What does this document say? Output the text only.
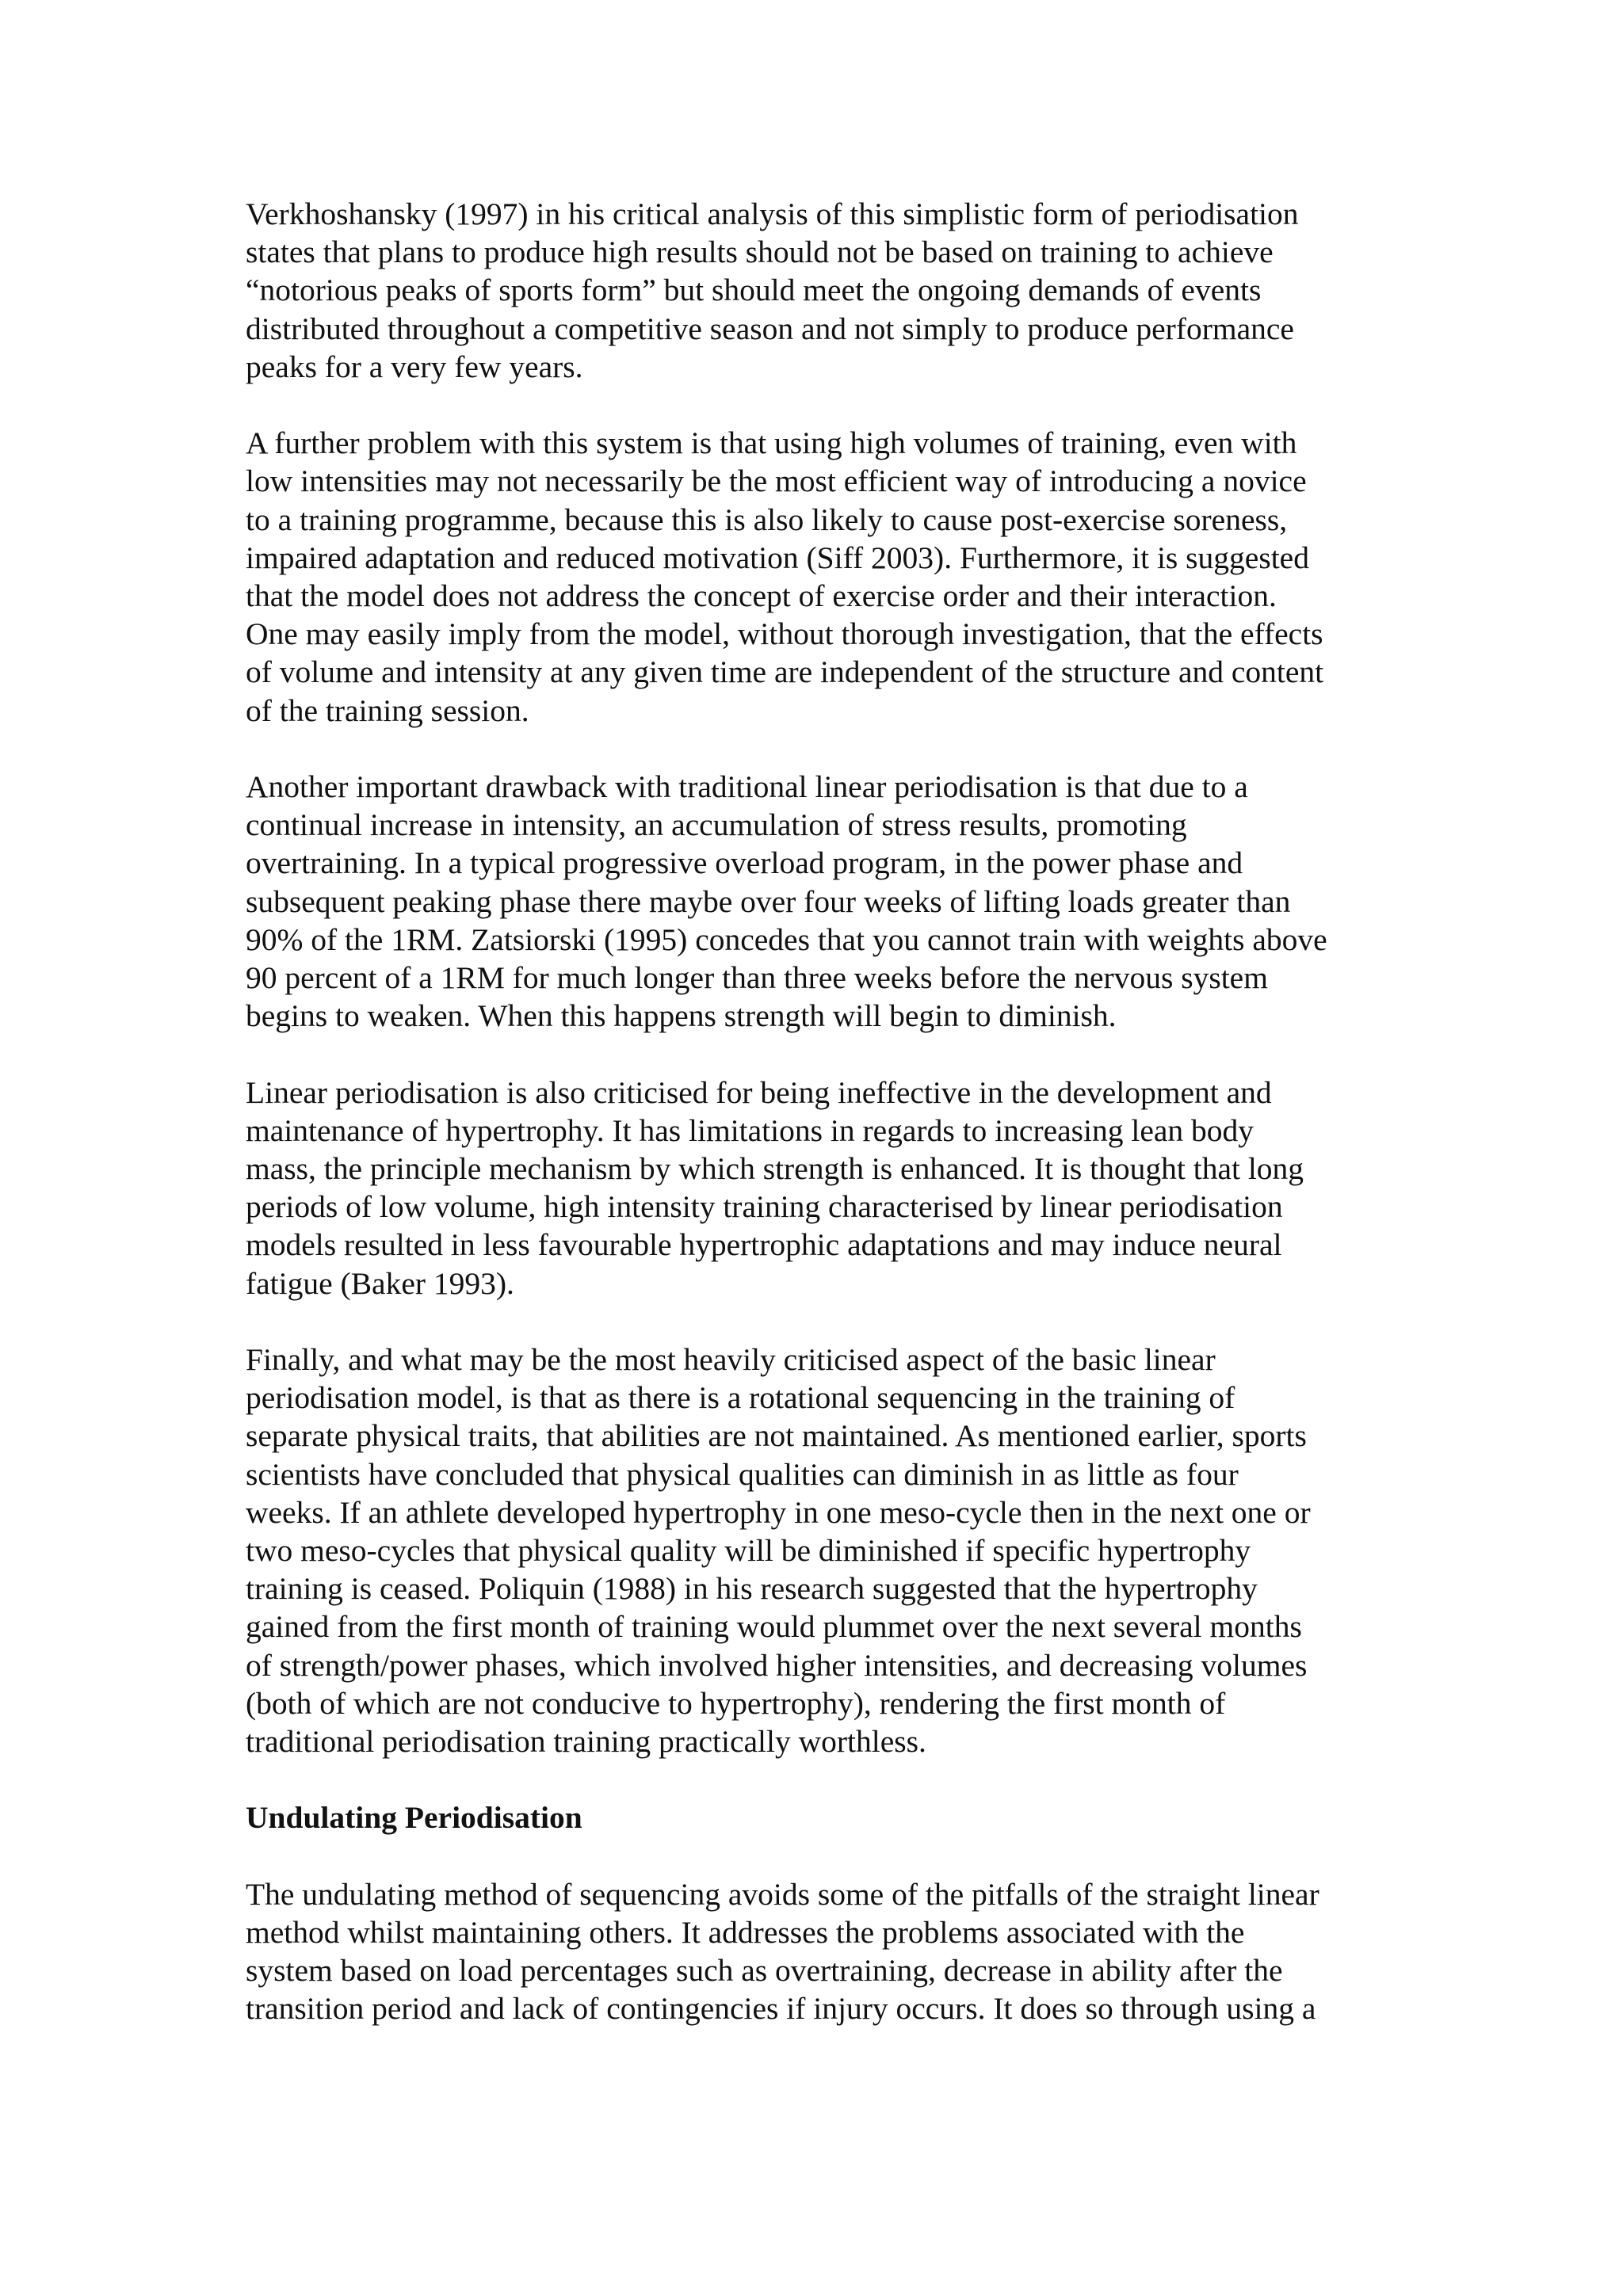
Verkhoshansky (1997) in his critical analysis of this simplistic form of periodisation
states that plans to produce high results should not be based on training to achieve
“notorious peaks of sports form” but should meet the ongoing demands of events
distributed throughout a competitive season and not simply to produce performance
peaks for a very few years.
A further problem with this system is that using high volumes of training, even with
low intensities may not necessarily be the most efficient way of introducing a novice
to a training programme, because this is also likely to cause post-exercise soreness,
impaired adaptation and reduced motivation (Siff 2003). Furthermore, it is suggested
that the model does not address the concept of exercise order and their interaction.
One may easily imply from the model, without thorough investigation, that the effects
of volume and intensity at any given time are independent of the structure and content
of the training session.
Another important drawback with traditional linear periodisation is that due to a
continual increase in intensity, an accumulation of stress results, promoting
overtraining. In a typical progressive overload program, in the power phase and
subsequent peaking phase there maybe over four weeks of lifting loads greater than
90% of the 1RM. Zatsiorski (1995) concedes that you cannot train with weights above
90 percent of a 1RM for much longer than three weeks before the nervous system
begins to weaken. When this happens strength will begin to diminish.
Linear periodisation is also criticised for being ineffective in the development and
maintenance of hypertrophy. It has limitations in regards to increasing lean body
mass, the principle mechanism by which strength is enhanced. It is thought that long
periods of low volume, high intensity training characterised by linear periodisation
models resulted in less favourable hypertrophic adaptations and may induce neural
fatigue (Baker 1993).
Finally, and what may be the most heavily criticised aspect of the basic linear
periodisation model, is that as there is a rotational sequencing in the training of
separate physical traits, that abilities are not maintained. As mentioned earlier, sports
scientists have concluded that physical qualities can diminish in as little as four
weeks. If an athlete developed hypertrophy in one meso-cycle then in the next one or
two meso-cycles that physical quality will be diminished if specific hypertrophy
training is ceased. Poliquin (1988) in his research suggested that the hypertrophy
gained from the first month of training would plummet over the next several months
of strength/power phases, which involved higher intensities, and decreasing volumes
(both of which are not conducive to hypertrophy), rendering the first month of
traditional periodisation training practically worthless.
Undulating Periodisation
The undulating method of sequencing avoids some of the pitfalls of the straight linear
method whilst maintaining others. It addresses the problems associated with the
system based on load percentages such as overtraining, decrease in ability after the
transition period and lack of contingencies if injury occurs. It does so through using a
